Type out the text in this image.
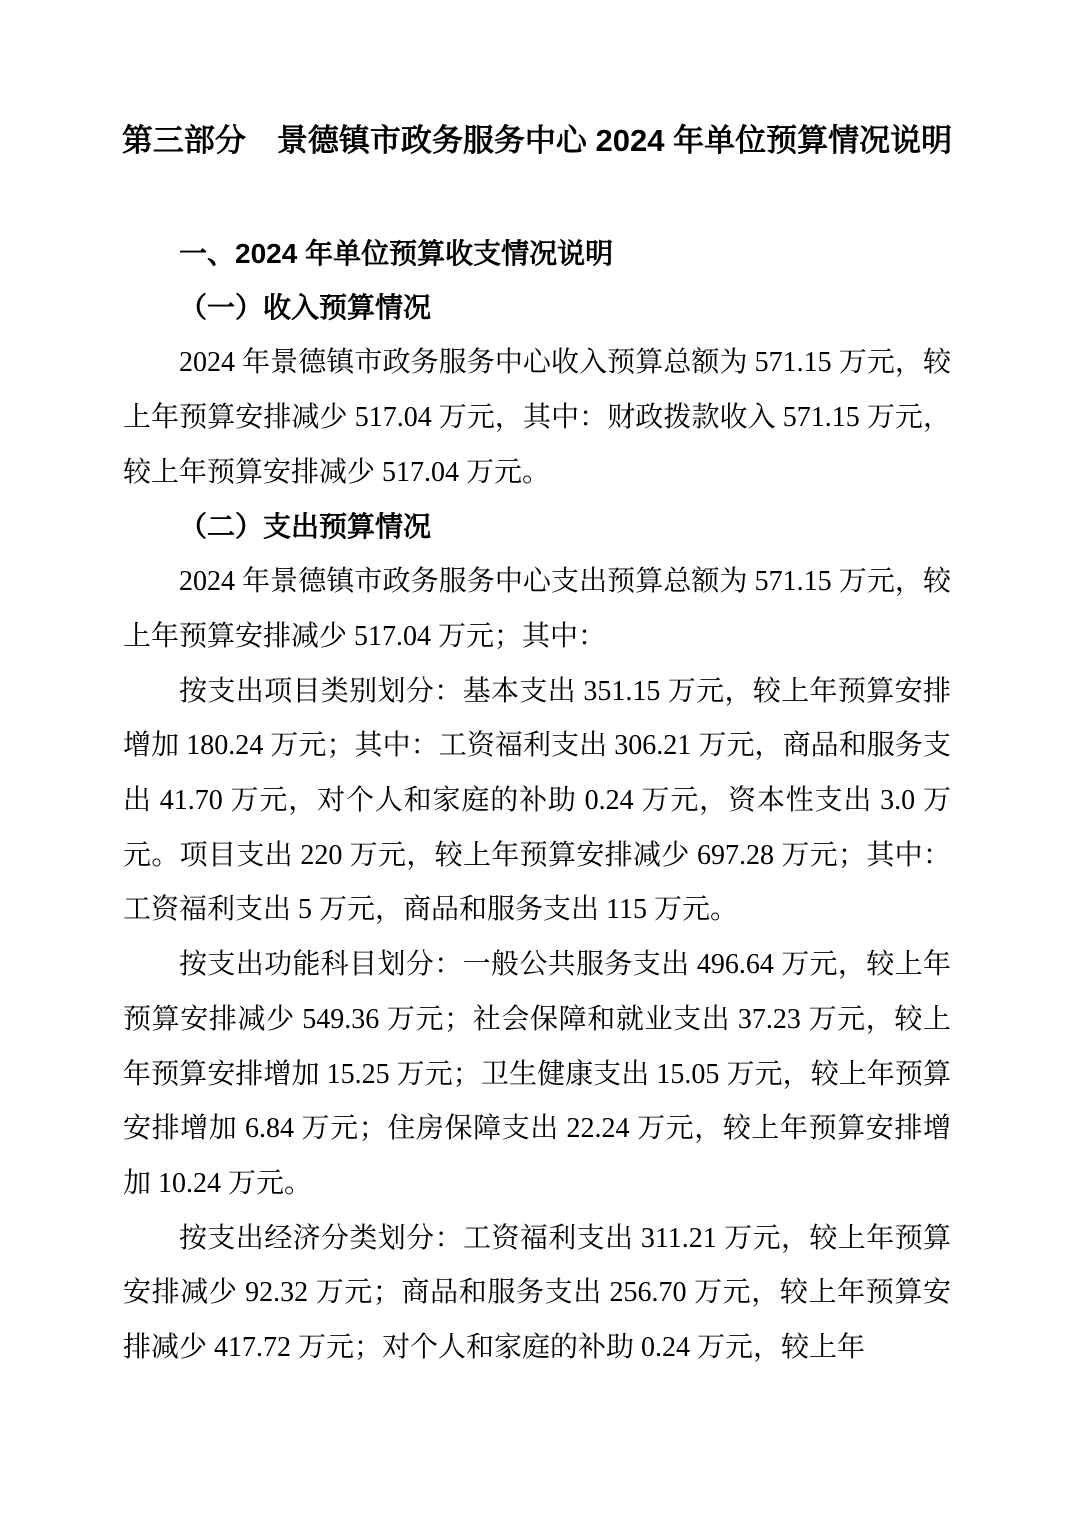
第三部分　景德镇市政务服务中心 2024 年单位预算情况说明
一、2024 年单位预算收支情况说明
（一）收入预算情况

2024 年景德镇市政务服务中心收入预算总额为 571.15 万元，较上年预算安排减少 517.04 万元，其中：财政拨款收入 571.15 万元，较上年预算安排减少 517.04 万元。

（二）支出预算情况

2024 年景德镇市政务服务中心支出预算总额为 571.15 万元，较上年预算安排减少 517.04 万元；其中：

按支出项目类别划分：基本支出 351.15 万元，较上年预算安排增加 180.24 万元；其中：工资福利支出 306.21 万元，商品和服务支出 41.70 万元，对个人和家庭的补助 0.24 万元，资本性支出 3.0 万元。项目支出 220 万元，较上年预算安排减少 697.28 万元；其中：工资福利支出 5 万元，商品和服务支出 115 万元。

按支出功能科目划分：一般公共服务支出 496.64 万元，较上年预算安排减少 549.36 万元；社会保障和就业支出 37.23 万元，较上年预算安排增加 15.25 万元；卫生健康支出 15.05 万元，较上年预算安排增加 6.84 万元；住房保障支出 22.24 万元，较上年预算安排增加 10.24 万元。

按支出经济分类划分：工资福利支出 311.21 万元，较上年预算安排减少 92.32 万元；商品和服务支出 256.70 万元，较上年预算安排减少 417.72 万元；对个人和家庭的补助 0.24 万元，较上年
